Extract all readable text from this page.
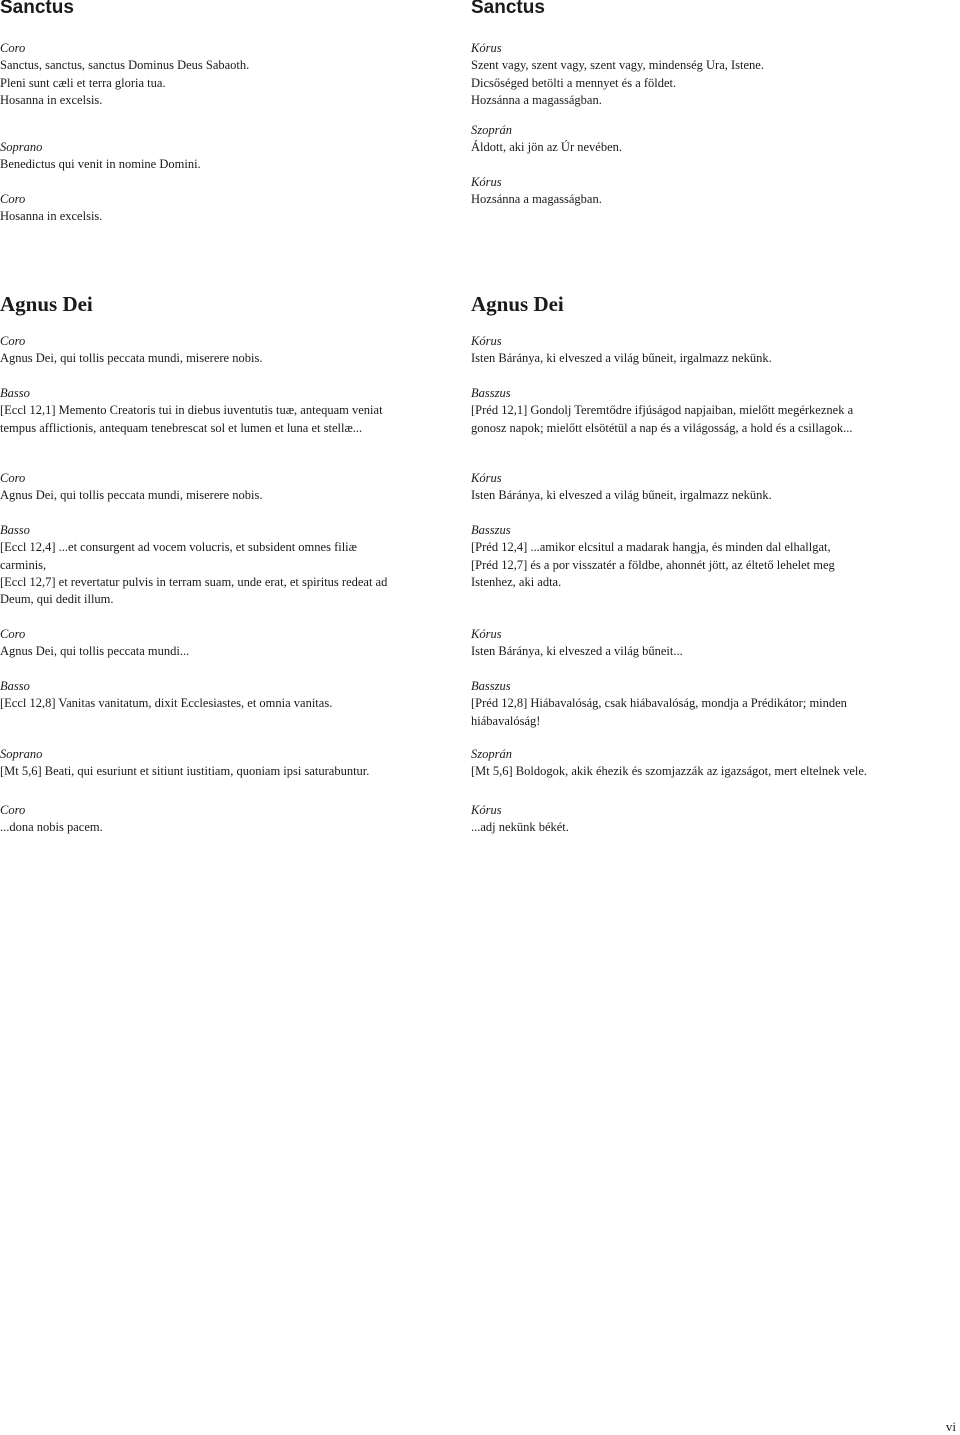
Sanctus

Coro

Sanctus, sanctus, sanctus Dominus Deus Sabaoth.

Pleni sunt cæli et terra gloria tua.

Hosanna in excelsis.

Soprano

Benedictus qui venit in nomine Domini.

Coro

Hosanna in excelsis.

Agnus Dei

Coro

Agnus Dei, qui tollis peccata mundi, miserere nobis.

Basso

[Eccl 12,1] Memento Creatoris tui in diebus iuventutis tuæ, antequam veniat

tempus afflictionis, antequam tenebrescat sol et lumen et luna et stellæ...

Coro

Agnus Dei, qui tollis peccata mundi, miserere nobis.

Basso

[Eccl 12,4] ...et consurgent ad vocem volucris, et subsident omnes filiæ

carminis,

[Eccl 12,7] et revertatur pulvis in terram suam, unde erat, et spiritus redeat ad

Deum, qui dedit illum.

Coro

Agnus Dei, qui tollis peccata mundi...

Basso

[Eccl 12,8] Vanitas vanitatum, dixit Ecclesiastes, et omnia vanitas.

Soprano

[Mt 5,6] Beati, qui esuriunt et sitiunt iustitiam, quoniam ipsi saturabuntur.

Coro

...dona nobis pacem.

Sanctus

Kórus

Szent vagy, szent vagy, szent vagy, mindenség Ura, Istene.

Dicsőséged betölti a mennyet és a földet.

Hozsánna a magasságban.

Szoprán

Áldott, aki jön az Úr nevében.

Kórus

Hozsánna a magasságban.

Agnus Dei

Kórus

Isten Báránya, ki elveszed a világ bűneit, irgalmazz nekünk.

Basszus

[Préd 12,1] Gondolj Teremtődre ifjúságod napjaiban, mielőtt megérkeznek a

gonosz napok; mielőtt elsötétül a nap és a világosság, a hold és a csillagok...

Kórus

Isten Báránya, ki elveszed a világ bűneit, irgalmazz nekünk.

Basszus

[Préd 12,4] ...amikor elcsitul a madarak hangja, és minden dal elhallgat,

[Préd 12,7] és a por visszatér a földbe, ahonnét jött, az éltető lehelet meg

Istenhez, aki adta.

Kórus

Isten Báránya, ki elveszed a világ bűneit...

Basszus

[Préd 12,8] Hiábavalóság, csak hiábavalóság, mondja a Prédikátor; minden

hiábavalóság!

Szoprán

[Mt 5,6] Boldogok, akik éhezik és szomjazzák az igazságot, mert eltelnek vele.

Kórus

...adj nekünk békét.

vi
